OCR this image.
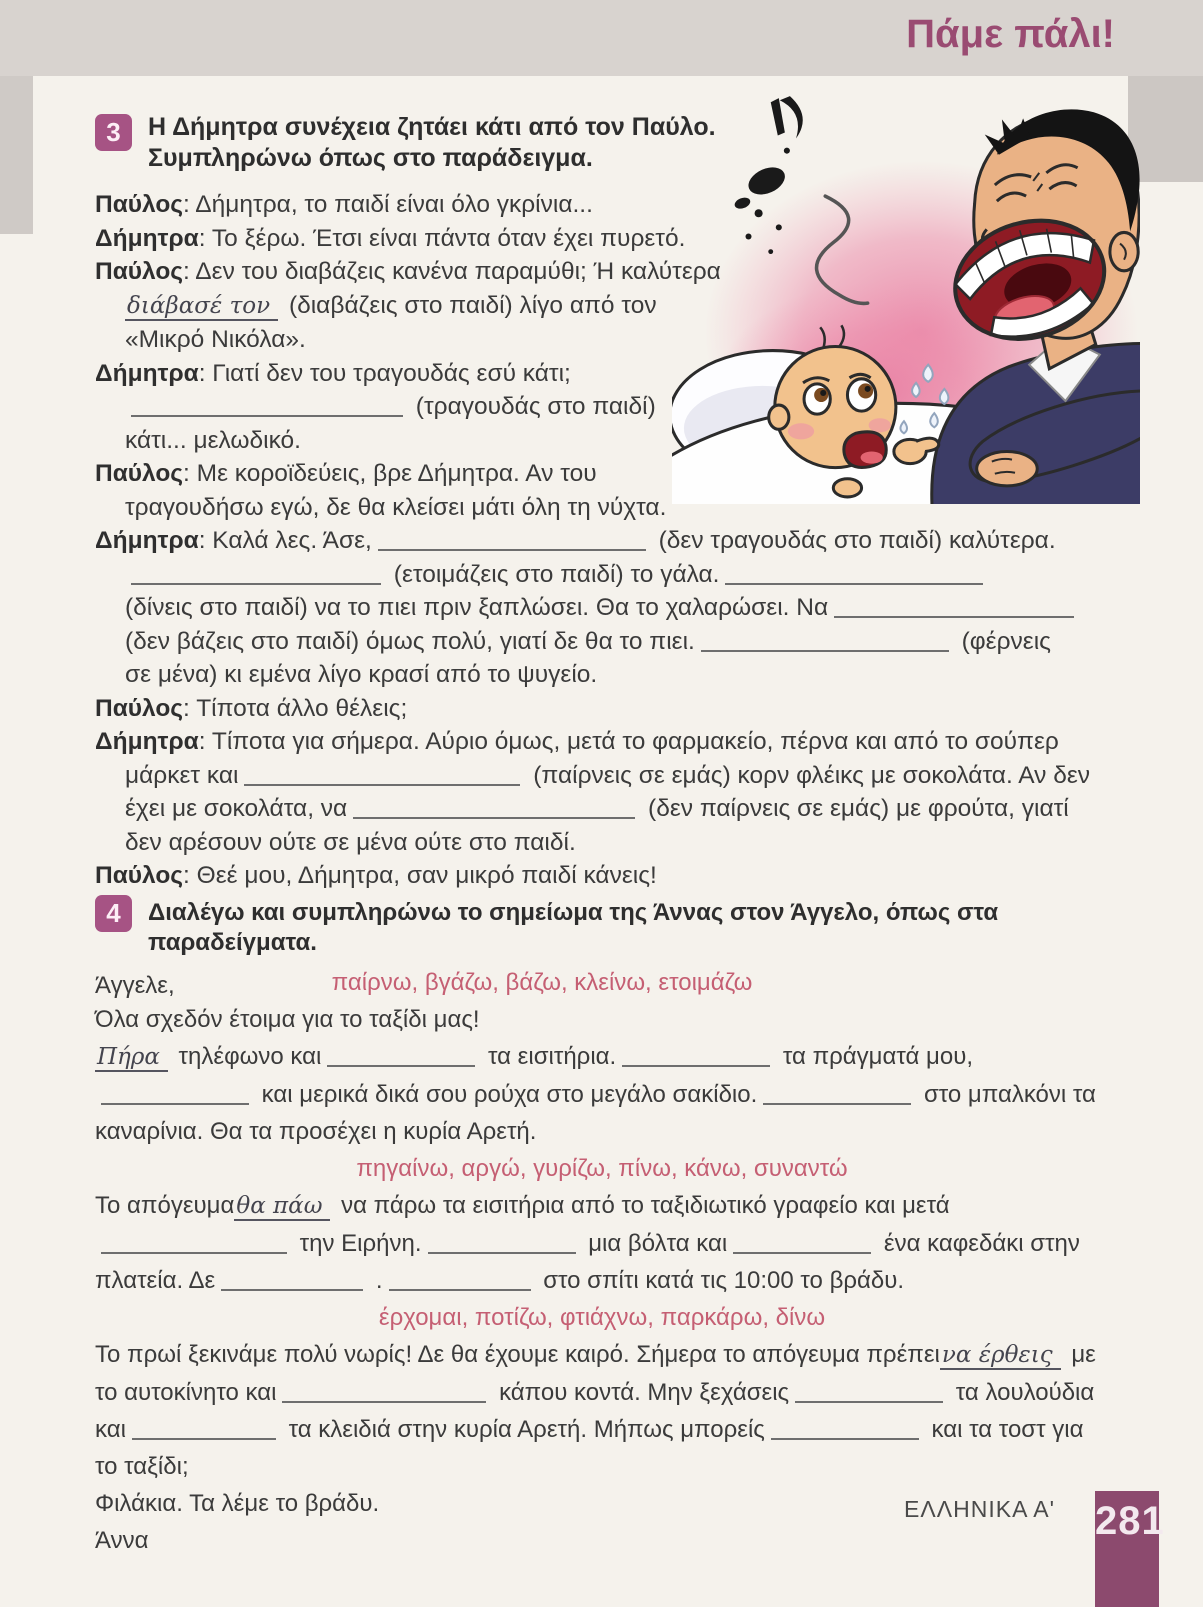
Πάμε πάλι!
3	Η Δήμητρα συνέχεια ζητάει κάτι από τον Παύλο.
Συμπληρώνω όπως στο παράδειγμα.

Παύλος: Δήμητρα, το παιδί είναι όλο γκρίνια...

Δήμητρα: Το ξέρω. Έτσι είναι πάντα όταν έχει πυρετό.

Παύλος: Δεν του διαβάζεις κανένα παραμύθι; Ή καλύτερα

διάβασέ τον (διαβάζεις στο παιδί) λίγο από τον

«Μικρό Νικόλα».

Δήμητρα: Γιατί δεν του τραγουδάς εσύ κάτι;

(τραγουδάς στο παιδί)

κάτι... μελωδικό.

Παύλος: Με κοροϊδεύεις, βρε Δήμητρα. Αν του

τραγουδήσω εγώ, δε θα κλείσει μάτι όλη τη νύχτα.

Δήμητρα: Καλά λες. Άσε,	(δεν τραγουδάς στο παιδί) καλύτερα.

(ετοιμάζεις στο παιδί) το γάλα.

(δίνεις στο παιδί) να το πιει πριν ξαπλώσει. Θα το χαλαρώσει. Να

(δεν βάζεις στο παιδί) όμως πολύ, γιατί δε θα το πιει.	(φέρνεις

σε μένα) κι εμένα λίγο κρασί από το ψυγείο.

Παύλος: Τίποτα άλλο θέλεις;

Δήμητρα: Τίποτα για σήμερα. Αύριο όμως, μετά το φαρμακείο, πέρνα και από το σούπερ

μάρκετ και	(παίρνεις σε εμάς) κορν φλέικς με σοκολάτα. Αν δεν

έχει με σοκολάτα, να	(δεν παίρνεις σε εμάς) με φρούτα, γιατί

δεν αρέσουν ούτε σε μένα ούτε στο παιδί.

Παύλος: Θεέ μου, Δήμητρα, σαν μικρό παιδί κάνεις!

4	Διαλέγω και συμπληρώνω το σημείωμα της Άννας στον Άγγελο, όπως στα παραδείγματα.
Άγγελε,	παίρνω, βγάζω, βάζω, κλείνω, ετοιμάζω

Όλα σχεδόν έτοιμα για το ταξίδι μας!

Πήρα τηλέφωνο και	τα εισιτήρια.	τα πράγματά μου,

και μερικά δικά σου ρούχα στο μεγάλο σακίδιο.	στο μπαλκόνι τα

καναρίνια. Θα τα προσέχει η κυρία Αρετή.

πηγαίνω, αργώ, γυρίζω, πίνω, κάνω, συναντώ

Το απόγευμαθα πάω να πάρω τα εισιτήρια από το ταξιδιωτικό γραφείο και μετά

την Ειρήνη.	μια βόλτα και	ένα καφεδάκι στην

πλατεία. Δε	.	στο σπίτι κατά τις 10:00 το βράδυ.

έρχομαι, ποτίζω, φτιάχνω, παρκάρω, δίνω

Το πρωί ξεκινάμε πολύ νωρίς! Δε θα έχουμε καιρό. Σήμερα το απόγευμα πρέπεινα έρθεις με

το αυτοκίνητο και	κάπου κοντά. Μην ξεχάσεις	τα λουλούδια

και	τα κλειδιά στην κυρία Αρετή. Μήπως μπορείς	και τα τοστ για

το ταξίδι;

Φιλάκια. Τα λέμε το βράδυ.

Άννα

ΕΛΛΗΝΙΚΑ Α' 281
